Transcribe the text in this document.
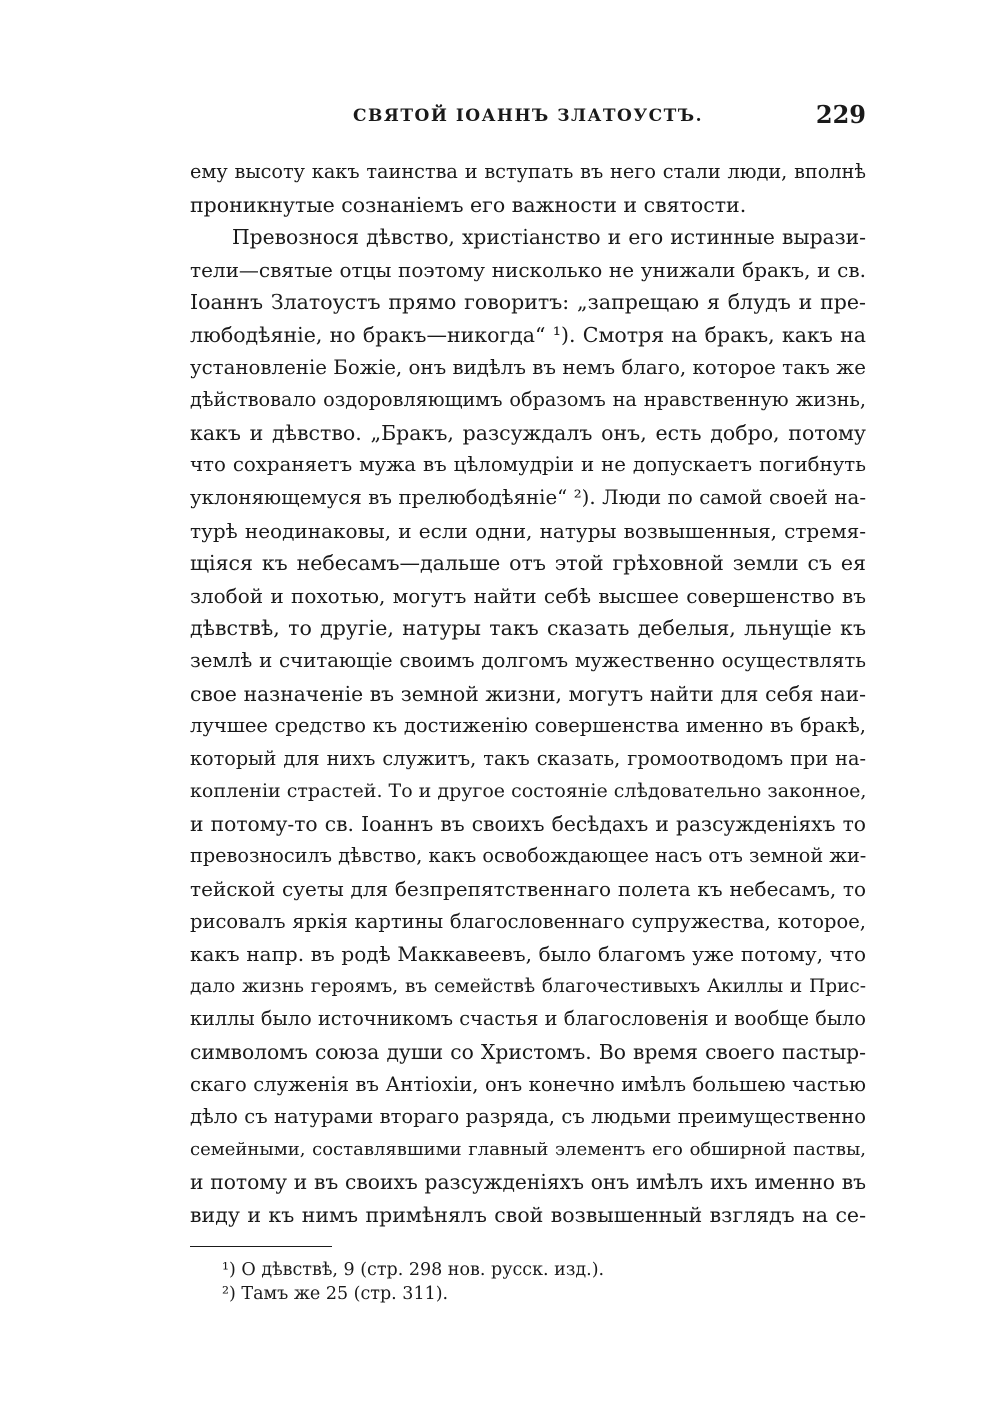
СВЯТОЙ ІОАННЪ ЗЛАТОУСТЪ.	229
ему высоту какъ таинства и вступать въ него стали люди, вполнѣ
проникнутые сознаніемъ его важности и святости.
Превознося дѣвство, христіанство и его истинные вырази-
тели—святые отцы поэтому нисколько не унижали бракъ, и св.
Іоаннъ Златоустъ прямо говоритъ: „запрещаю я блудъ и пре-
любодѣяніе, но бракъ—никогда“ ¹). Смотря на бракъ, какъ на
установленіе Божіе, онъ видѣлъ въ немъ благо, которое такъ же
дѣйствовало оздоровляющимъ образомъ на нравственную жизнь,
какъ и дѣвство. „Бракъ, разсуждалъ онъ, есть добро, потому
что сохраняетъ мужа въ цѣломудріи и не допускаетъ погибнуть
уклоняющемуся въ прелюбодѣяніе“ ²). Люди по самой своей на-
турѣ неодинаковы, и если одни, натуры возвышенныя, стремя-
щіяся къ небесамъ—дальше отъ этой грѣховной земли съ ея
злобой и похотью, могутъ найти себѣ высшее совершенство въ
дѣвствѣ, то другіе, натуры такъ сказать дебелыя, льнущіе къ
землѣ и считающіе своимъ долгомъ мужественно осуществлять
свое назначеніе въ земной жизни, могутъ найти для себя наи-
лучшее средство къ достиженію совершенства именно въ бракѣ,
который для нихъ служитъ, такъ сказать, громоотводомъ при на-
копленіи страстей. То и другое состояніе слѣдовательно законное,
и потому-то св. Іоаннъ въ своихъ бесѣдахъ и разсужденіяхъ то
превозносилъ дѣвство, какъ освобождающее насъ отъ земной жи-
тейской суеты для безпрепятственнаго полета къ небесамъ, то
рисовалъ яркія картины благословеннаго супружества, которое,
какъ напр. въ родѣ Маккавеевъ, было благомъ уже потому, что
дало жизнь героямъ, въ семействѣ благочестивыхъ Акиллы и Прис-
киллы было источникомъ счастья и благословенія и вообще было
символомъ союза души со Христомъ. Во время своего пастыр-
скаго служенія въ Антіохіи, онъ конечно имѣлъ большею частью
дѣло съ натурами втораго разряда, съ людьми преимущественно
семейными, составлявшими главный элементъ его обширной паствы,
и потому и въ своихъ разсужденіяхъ онъ имѣлъ ихъ именно въ
виду и къ нимъ примѣнялъ свой возвышенный взглядъ на се-
¹) О дѣвствѣ, 9 (стр. 298 нов. русск. изд.).
²) Тамъ же 25 (стр. 311).
